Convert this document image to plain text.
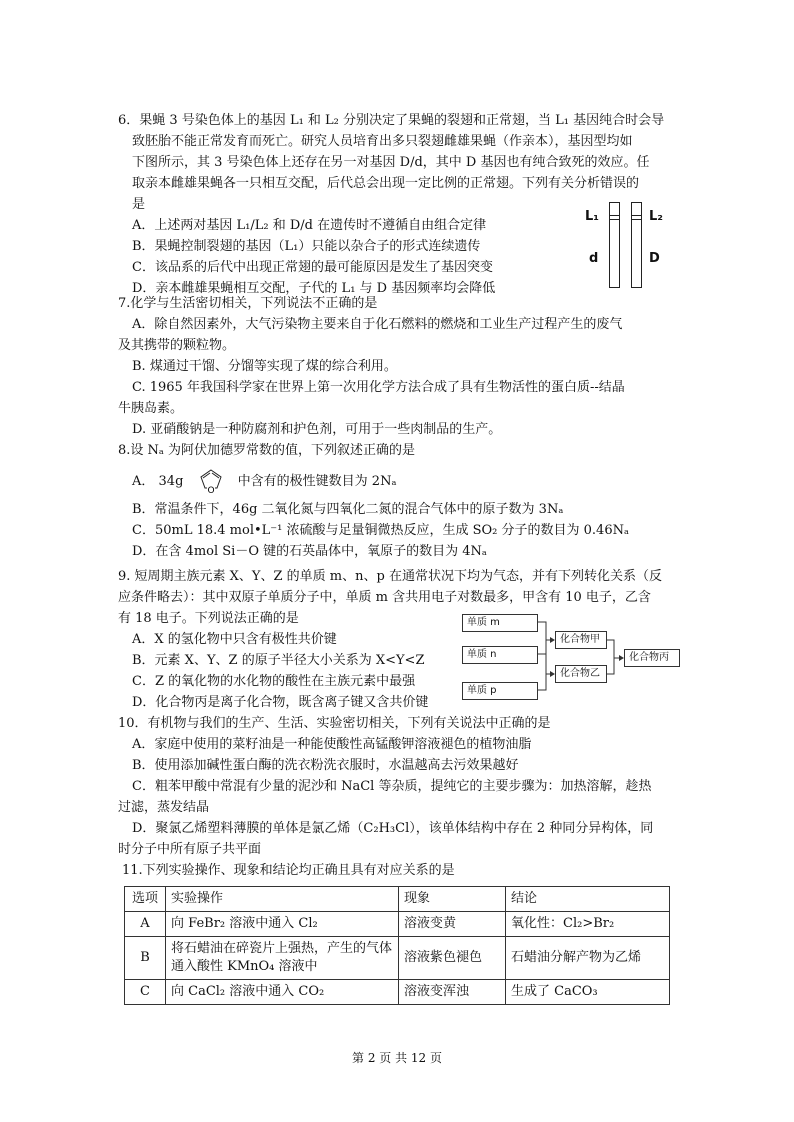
6．果蝇 3 号染色体上的基因 L₁ 和 L₂ 分别决定了果蝇的裂翅和正常翅，当 L₁ 基因纯合时会导
致胚胎不能正常发育而死亡。研究人员培育出多只裂翅雌雄果蝇（作亲本），基因型均如
下图所示，其 3 号染色体上还存在另一对基因 D/d，其中 D 基因也有纯合致死的效应。任
取亲本雌雄果蝇各一只相互交配，后代总会出现一定比例的正常翅。下列有关分析错误的
是
A．上述两对基因 L₁/L₂ 和 D/d 在遗传时不遵循自由组合定律
B．果蝇控制裂翅的基因（L₁）只能以杂合子的形式连续遗传
C．该品系的后代中出现正常翅的最可能原因是发生了基因突变
D．亲本雌雄果蝇相互交配，子代的 L₁ 与 D 基因频率均会降低
L₁	L₂
d	D
7.化学与生活密切相关，下列说法不正确的是
A．除自然因素外，大气污染物主要来自于化石燃料的燃烧和工业生产过程产生的废气
及其携带的颗粒物。
B. 煤通过干馏、分馏等实现了煤的综合利用。
C. 1965 年我国科学家在世界上第一次用化学方法合成了具有生物活性的蛋白质--结晶
牛胰岛素。
D. 亚硝酸钠是一种防腐剂和护色剂，可用于一些肉制品的生产。
8.设 Nₐ 为阿伏加德罗常数的值，下列叙述正确的是
A． 34g
O
中含有的极性键数目为 2Nₐ
B．常温条件下，46g 二氧化氮与四氧化二氮的混合气体中的原子数为 3Nₐ
C．50mL 18.4 mol•L⁻¹ 浓硫酸与足量铜微热反应，生成 SO₂ 分子的数目为 0.46Nₐ
D．在含 4mol Si－O 键的石英晶体中，氧原子的数目为 4Nₐ
9. 短周期主族元素 X、Y、Z 的单质 m、n、p 在通常状况下均为气态，并有下列转化关系（反
应条件略去）：其中双原子单质分子中，单质 m 含共用电子对数最多，甲含有 10 电子，乙含
有 18 电子。下列说法正确的是
A．X 的氢化物中只含有极性共价键
B．元素 X、Y、Z 的原子半径大小关系为 X<Y<Z
C．Z 的氧化物的水化物的酸性在主族元素中最强
D．化合物丙是离子化合物，既含离子键又含共价键
单质 m
单质 n
单质 p
化合物甲
化合物乙
化合物丙
10．有机物与我们的生产、生活、实验密切相关，下列有关说法中正确的是
A．家庭中使用的菜籽油是一种能使酸性高锰酸钾溶液褪色的植物油脂
B．使用添加碱性蛋白酶的洗衣粉洗衣服时，水温越高去污效果越好
C．粗苯甲酸中常混有少量的泥沙和 NaCl 等杂质，提纯它的主要步骤为：加热溶解，趁热
过滤，蒸发结晶
D．聚氯乙烯塑料薄膜的单体是氯乙烯（C₂H₃Cl），该单体结构中存在 2 种同分异构体，同
时分子中所有原子共平面
11.下列实验操作、现象和结论均正确且具有对应关系的是
选项	实验操作	现象	结论
A	向 FeBr₂ 溶液中通入 Cl₂	溶液变黄	氧化性：Cl₂>Br₂
B	将石蜡油在碎瓷片上强热，产生的气体通入酸性 KMnO₄ 溶液中	溶液紫色褪色	石蜡油分解产物为乙烯
C	向 CaCl₂ 溶液中通入 CO₂	溶液变浑浊	生成了 CaCO₃
第 2 页 共 12 页
